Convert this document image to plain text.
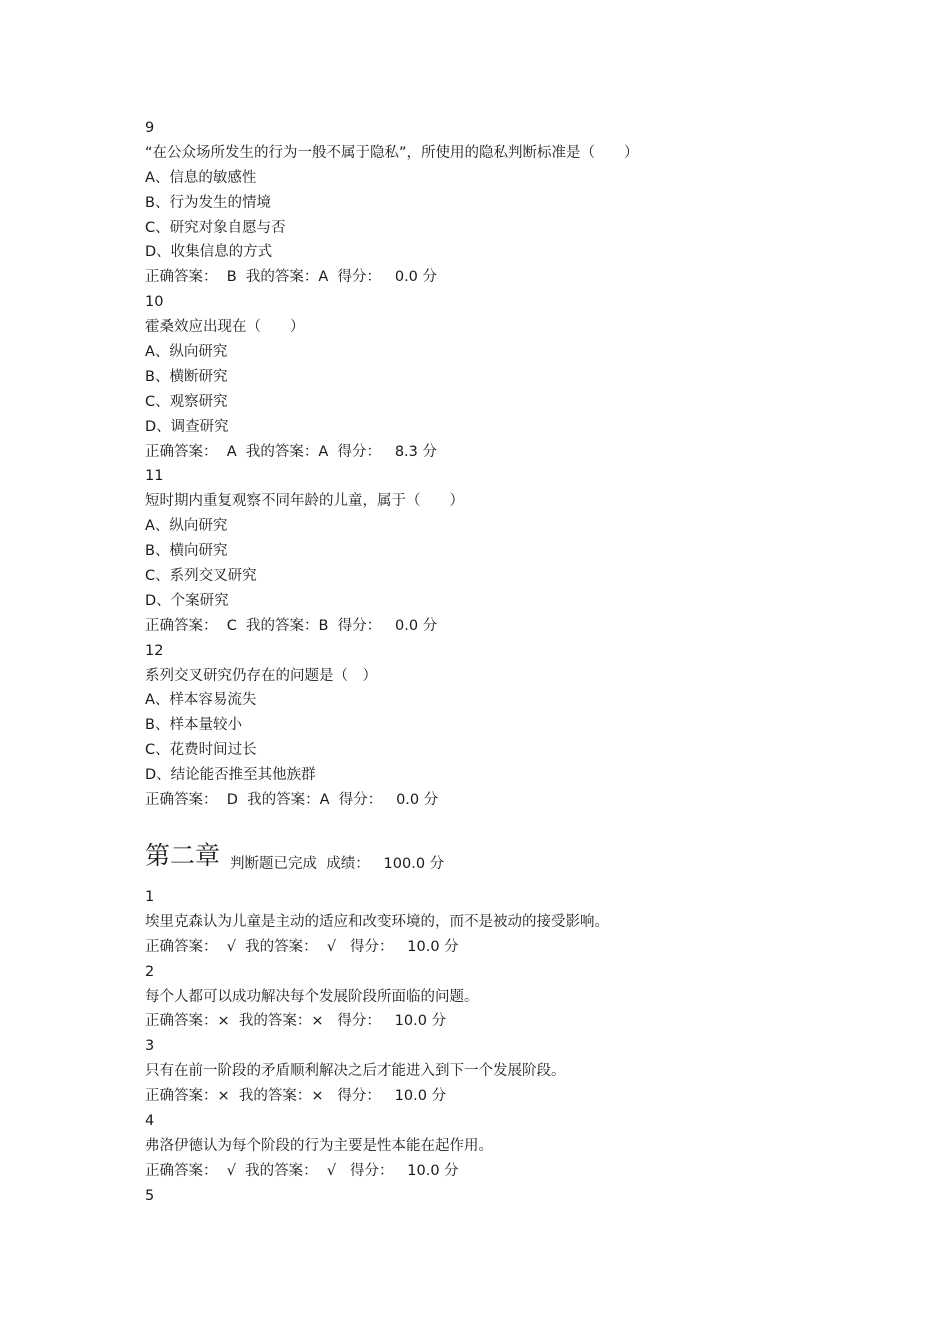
9
“在公众场所发生的行为一般不属于隐私”，所使用的隐私判断标准是（　　）
A、信息的敏感性
B、行为发生的情境
C、研究对象自愿与否
D、收集信息的方式
正确答案：  B  我的答案：A  得分：   0.0 分
10
霍桑效应出现在（　　）
A、纵向研究
B、横断研究
C、观察研究
D、调查研究
正确答案：  A  我的答案：A  得分：   8.3 分
11
短时期内重复观察不同年龄的儿童，属于（　　）
A、纵向研究
B、横向研究
C、系列交叉研究
D、个案研究
正确答案：  C  我的答案：B  得分：   0.0 分
12
系列交叉研究仍存在的问题是（　）
A、样本容易流失
B、样本量较小
C、花费时间过长
D、结论能否推至其他族群
正确答案：  D  我的答案：A  得分：   0.0 分
第二章 判断题已完成  成绩：   100.0 分
1
埃里克森认为儿童是主动的适应和改变环境的，而不是被动的接受影响。
正确答案：  √  我的答案：  √   得分：   10.0 分
2
每个人都可以成功解决每个发展阶段所面临的问题。
正确答案：×  我的答案：×   得分：   10.0 分
3
只有在前一阶段的矛盾顺利解决之后才能进入到下一个发展阶段。
正确答案：×  我的答案：×   得分：   10.0 分
4
弗洛伊德认为每个阶段的行为主要是性本能在起作用。
正确答案：  √  我的答案：  √   得分：   10.0 分
5
